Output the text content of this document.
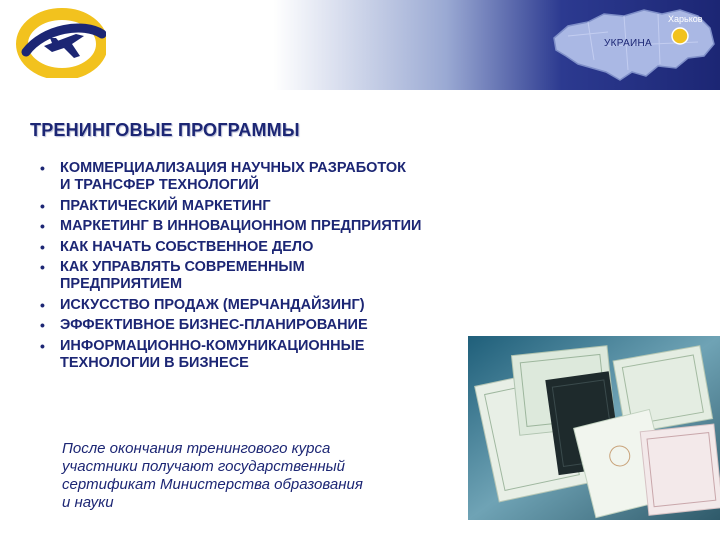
УКРАИНА
Харьков
ТРЕНИНГОВЫЕ ПРОГРАММЫ
• КОММЕРЦИАЛИЗАЦИЯ НАУЧНЫХ РАЗРАБОТОК
И ТРАНСФЕР ТЕХНОЛОГИЙ
• ПРАКТИЧЕСКИЙ МАРКЕТИНГ
• МАРКЕТИНГ В ИННОВАЦИОННОМ ПРЕДПРИЯТИИ
• КАК НАЧАТЬ СОБСТВЕННОЕ ДЕЛО
• КАК УПРАВЛЯТЬ СОВРЕМЕННЫМ
ПРЕДПРИЯТИЕМ
• ИСКУССТВО ПРОДАЖ (МЕРЧАНДАЙЗИНГ)
• ЭФФЕКТИВНОЕ БИЗНЕС-ПЛАНИРОВАНИЕ
• ИНФОРМАЦИОННО-КОМУНИКАЦИОННЫЕ
ТЕХНОЛОГИИ В БИЗНЕСЕ
После окончания тренингового курса
участники получают государственный
сертификат Министерства образования
и науки
